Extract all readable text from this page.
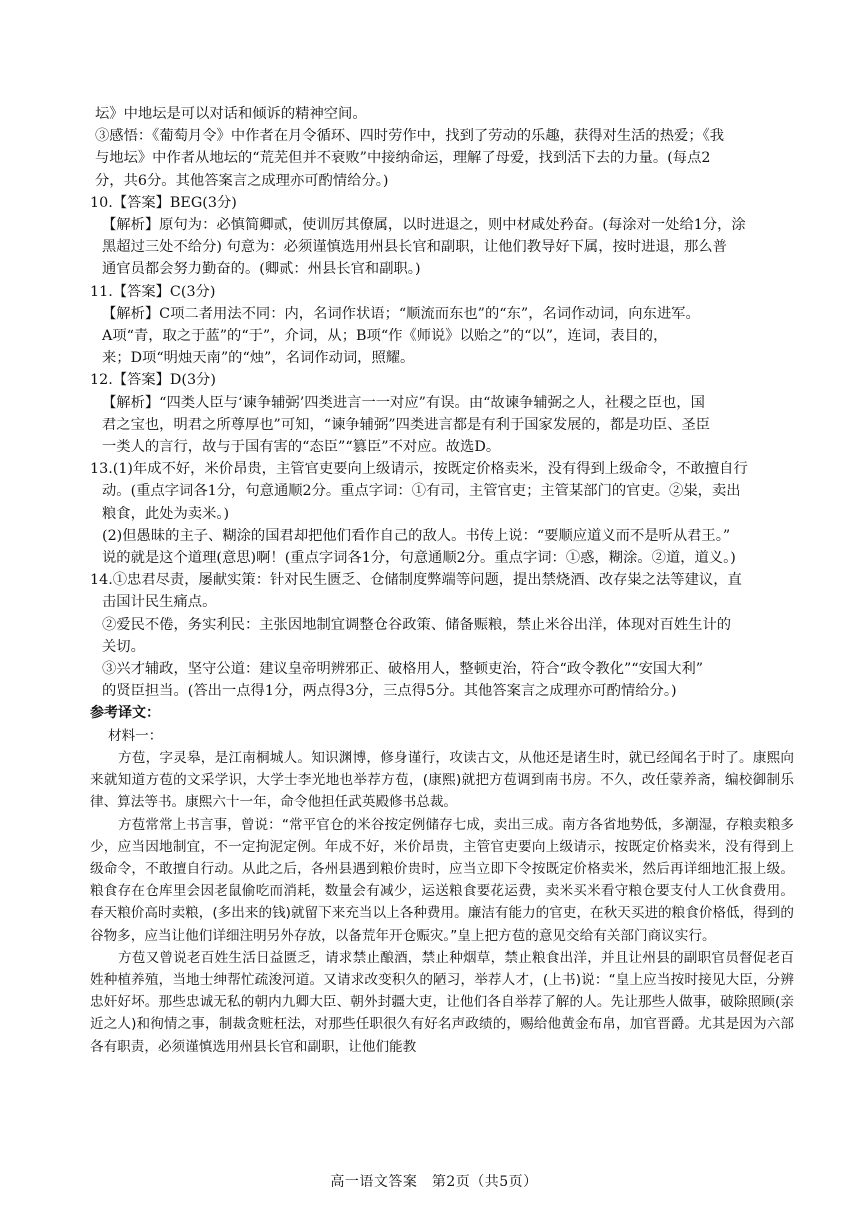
坛》中地坛是可以对话和倾诉的精神空间。

③感悟：《葡萄月令》中作者在月令循环、四时劳作中，找到了劳动的乐趣，获得对生活的热爱；《我

与地坛》中作者从地坛的“荒芜但并不衰败”中接纳命运，理解了母爱，找到活下去的力量。(每点2

分，共6分。其他答案言之成理亦可酌情给分。)

10.【答案】BEG(3分)

【解析】原句为：必慎简卿贰，使训厉其僚属，以时进退之，则中材咸处矜奋。(每涂对一处给1分，涂

黑超过三处不给分) 句意为：必须谨慎选用州县长官和副职，让他们教导好下属，按时进退，那么普

通官员都会努力勤奋的。(卿贰：州县长官和副职。)

11.【答案】C(3分)

【解析】C项二者用法不同：内，名词作状语；“顺流而东也”的“东”，名词作动词，向东进军。

A项“青，取之于蓝”的“于”，介词，从；B项“作《师说》以贻之”的“以”，连词，表目的，

来；D项“明烛天南”的“烛”，名词作动词，照耀。

12.【答案】D(3分)

【解析】“四类人臣与‘谏争辅弼’四类进言一一对应”有误。由“故谏争辅弼之人，社稷之臣也，国

君之宝也，明君之所尊厚也”可知，“谏争辅弼”四类进言都是有利于国家发展的，都是功臣、圣臣

一类人的言行，故与于国有害的“态臣”“篡臣”不对应。故选D。

13.(1)年成不好，米价昂贵，主管官吏要向上级请示，按既定价格卖米，没有得到上级命令，不敢擅自行

动。(重点字词各1分，句意通顺2分。重点字词：①有司，主管官吏；主管某部门的官吏。②粜，卖出

粮食，此处为卖米。)

(2)但愚昧的主子、糊涂的国君却把他们看作自己的敌人。书传上说：“要顺应道义而不是听从君王。”

说的就是这个道理(意思)啊！(重点字词各1分，句意通顺2分。重点字词：①惑，糊涂。②道，道义。)

14.①忠君尽责，屡献实策：针对民生匮乏、仓储制度弊端等问题，提出禁烧酒、改存粜之法等建议，直

击国计民生痛点。

②爱民不倦，务实利民：主张因地制宜调整仓谷政策、储备赈粮，禁止米谷出洋，体现对百姓生计的

关切。

③兴才辅政，坚守公道：建议皇帝明辨邪正、破格用人，整顿吏治，符合“政令教化”“安国大利”

的贤臣担当。(答出一点得1分，两点得3分，三点得5分。其他答案言之成理亦可酌情给分。)

参考译文：

材料一：

方苞，字灵皋，是江南桐城人。知识渊博，修身谨行，攻读古文，从他还是诸生时，就已经闻名于时了。康熙向来就知道方苞的文采学识，大学士李光地也举荐方苞，(康熙)就把方苞调到南书房。不久，改任蒙养斋，编校御制乐律、算法等书。康熙六十一年，命令他担任武英殿修书总裁。

方苞常常上书言事，曾说：“常平官仓的米谷按定例储存七成，卖出三成。南方各省地势低，多潮湿，存粮卖粮多少，应当因地制宜，不一定拘泥定例。年成不好，米价昂贵，主管官吏要向上级请示，按既定价格卖米，没有得到上级命令，不敢擅自行动。从此之后，各州县遇到粮价贵时，应当立即下令按既定价格卖米，然后再详细地汇报上级。粮食存在仓库里会因老鼠偷吃而消耗，数量会有减少，运送粮食要花运费，卖米买米看守粮仓要支付人工伙食费用。春天粮价高时卖粮，(多出来的钱)就留下来充当以上各种费用。廉洁有能力的官吏，在秋天买进的粮食价格低，得到的谷物多，应当让他们详细注明另外存放，以备荒年开仓赈灾。”皇上把方苞的意见交给有关部门商议实行。

方苞又曾说老百姓生活日益匮乏，请求禁止酿酒，禁止种烟草，禁止粮食出洋，并且让州县的副职官员督促老百姓种植养殖，当地士绅帮忙疏浚河道。又请求改变积久的陋习，举荐人才，(上书)说：“皇上应当按时接见大臣，分辨忠奸好坏。那些忠诚无私的朝内九卿大臣、朝外封疆大吏，让他们各自举荐了解的人。先让那些人做事，破除照顾(亲近之人)和徇情之事，制裁贪赃枉法，对那些任职很久有好名声政绩的，赐给他黄金布帛，加官晋爵。尤其是因为六部各有职责，必须谨慎选用州县长官和副职，让他们能教

高一语文答案　第2页（共5页）
